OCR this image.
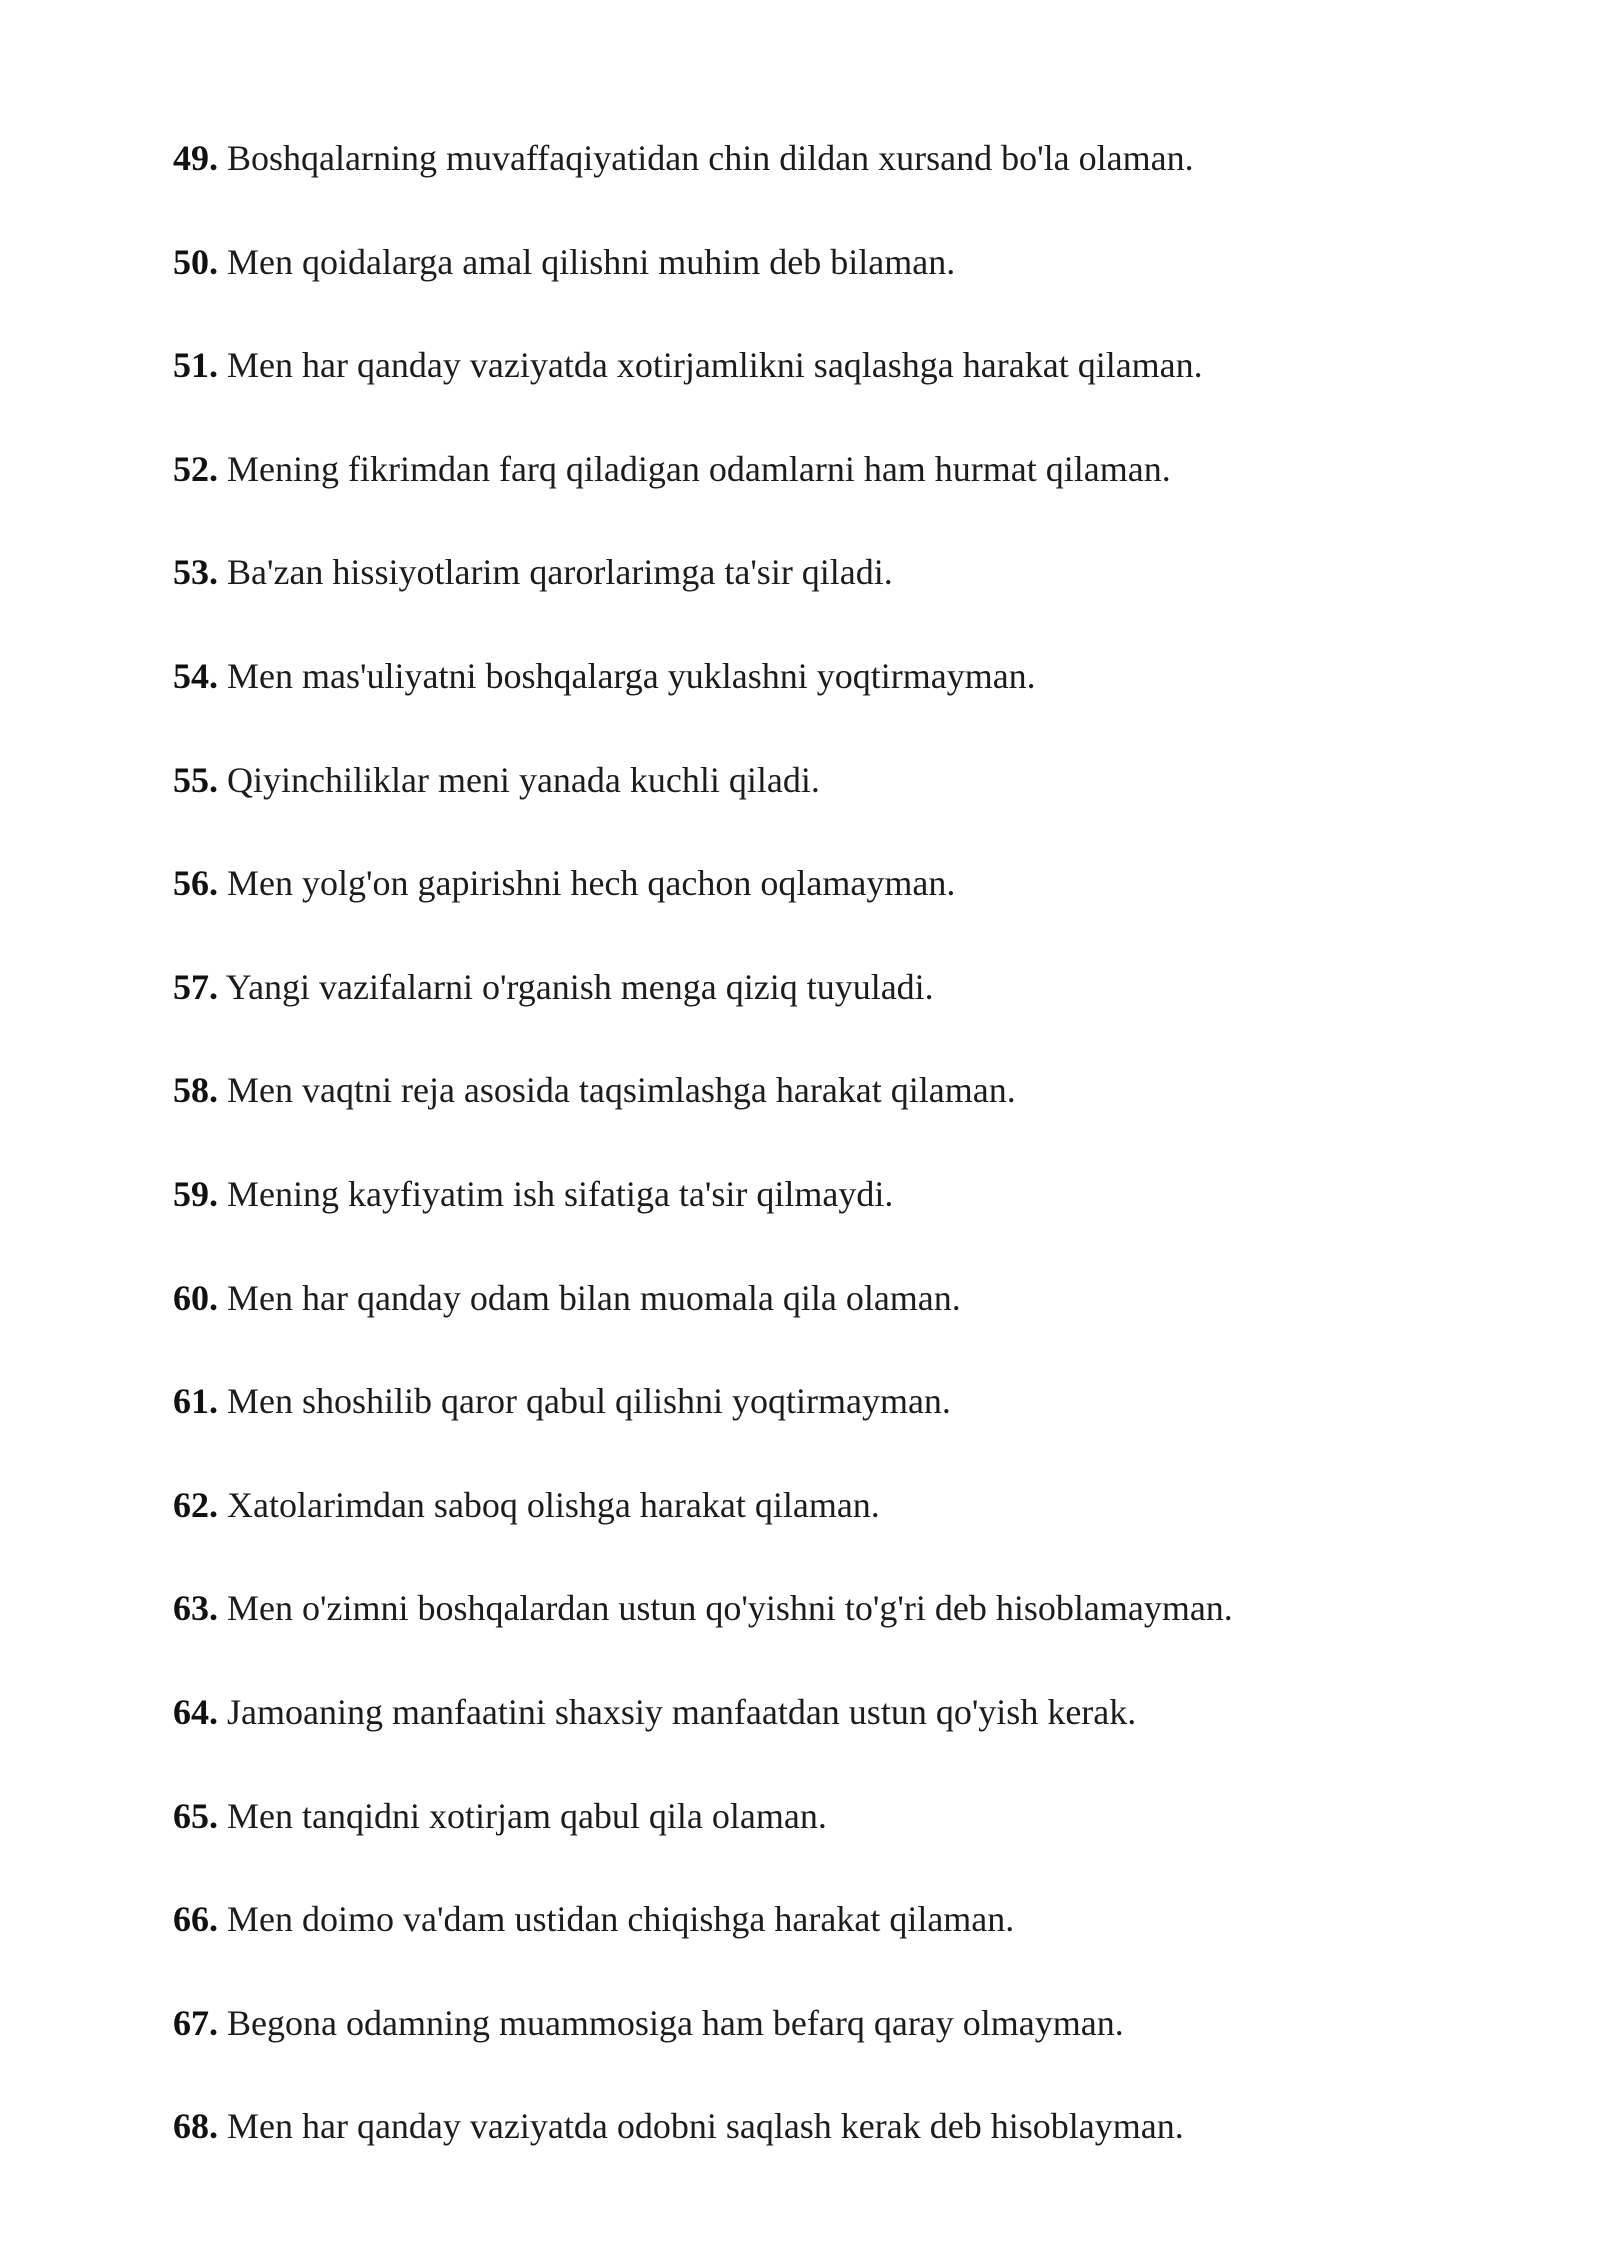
49. Boshqalarning muvaffaqiyatidan chin dildan xursand bo'la olaman.
50. Men qoidalarga amal qilishni muhim deb bilaman.
51. Men har qanday vaziyatda xotirjamlikni saqlashga harakat qilaman.
52. Mening fikrimdan farq qiladigan odamlarni ham hurmat qilaman.
53. Ba'zan hissiyotlarim qarorlarimga ta'sir qiladi.
54. Men mas'uliyatni boshqalarga yuklashni yoqtirmayman.
55. Qiyinchiliklar meni yanada kuchli qiladi.
56. Men yolg'on gapirishni hech qachon oqlamayman.
57. Yangi vazifalarni o'rganish menga qiziq tuyuladi.
58. Men vaqtni reja asosida taqsimlashga harakat qilaman.
59. Mening kayfiyatim ish sifatiga ta'sir qilmaydi.
60. Men har qanday odam bilan muomala qila olaman.
61. Men shoshilib qaror qabul qilishni yoqtirmayman.
62. Xatolarimdan saboq olishga harakat qilaman.
63. Men o'zimni boshqalardan ustun qo'yishni to'g'ri deb hisoblamayman.
64. Jamoaning manfaatini shaxsiy manfaatdan ustun qo'yish kerak.
65. Men tanqidni xotirjam qabul qila olaman.
66. Men doimo va'dam ustidan chiqishga harakat qilaman.
67. Begona odamning muammosiga ham befarq qaray olmayman.
68. Men har qanday vaziyatda odobni saqlash kerak deb hisoblayman.
